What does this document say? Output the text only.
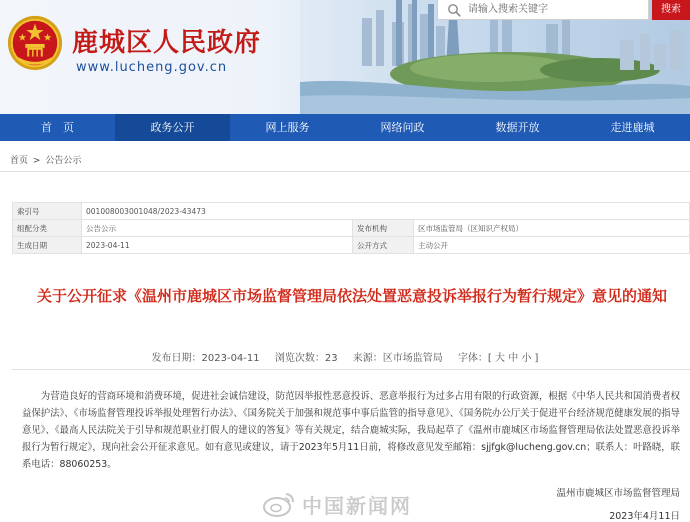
鹿城区人民政府
www.lucheng.gov.cn
请输入搜索关键字
搜索
首　页	政务公开	网上服务	网络问政	数据开放	走进鹿城
首页 > 公告公示
索引号	001008003001048/2023-43473		
组配分类	公告公示	发布机构	区市场监管局（区知识产权局）
生成日期	2023-04-11	公开方式	主动公开
关于公开征求《温州市鹿城区市场监督管理局依法处置恶意投诉举报行为暂行规定》意见的通知
发布日期：2023-04-11 浏览次数：23 来源：区市场监管局 字体：[ 大 中 小 ]
为营造良好的营商环境和消费环境，促进社会诚信建设，防范因举报性恶意投诉、恶意举报行为过多占用有限的行政资源，根据《中华人民共和国消费者权益保护法》、《市场监督管理投诉举报处理暂行办法》、《国务院关于加强和规范事中事后监管的指导意见》、《国务院办公厅关于促进平台经济规范健康发展的指导意见》、《最高人民法院关于引导和规范职业打假人的建议的答复》等有关规定，结合鹿城实际，我局起草了《温州市鹿城区市场监督管理局依法处置恶意投诉举报行为暂行规定》，现向社会公开征求意见。如有意见或建议，请于2023年5月11日前，将修改意见发至邮箱：sjjfgk@lucheng.gov.cn；联系人：叶路晓，联系电话：88060253。
中国新闻网	温州市鹿城区市场监督管理局
2023年4月11日
